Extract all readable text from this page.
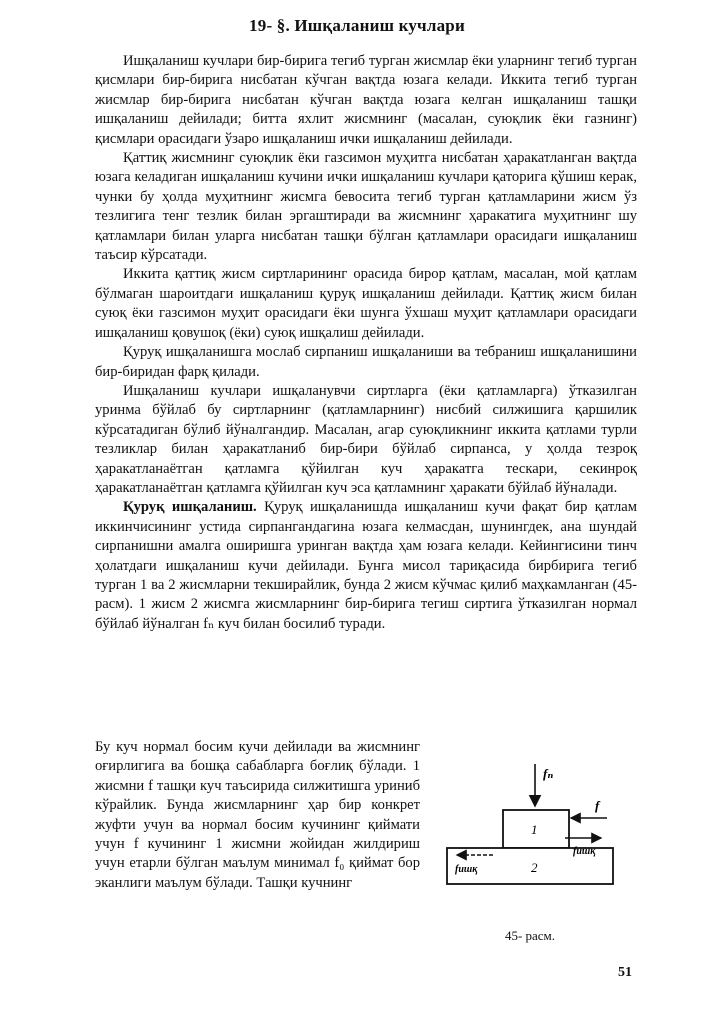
19- §. Ишқаланиш кучлари

Ишқаланиш кучлари бир-бирига тегиб турган жисмлар ёки уларнинг тегиб турган қисмлари бир-бирига нисбатан кўчган вақтда юзага келади. Иккита тегиб турган жисмлар бир-бирига нисбатан кўчган вақтда юзага келган ишқаланиш ташқи ишқаланиш дейилади; битта яхлит жисмнинг (масалан, суюқлик ёки газнинг) қисмлари орасидаги ўзаро ишқаланиш ички ишқаланиш дейилади.

Қаттиқ жисмнинг суюқлик ёки газсимон муҳитга нисбатан ҳаракатланган вақтда юзага келадиган ишқаланиш кучини ички ишқаланиш кучлари қаторига қўшиш керак, чунки бу ҳолда муҳитнинг жисмга бевосита тегиб турган қатламларини жисм ўз тезлигига тенг тезлик билан эргаштиради ва жисмнинг ҳаракатига муҳитнинг шу қатламлари билан уларга нисбатан ташқи бўлган қатламлари орасидаги ишқаланиш таъсир кўрсатади.

Иккита қаттиқ жисм сиртларининг орасида бирор қатлам, масалан, мой қатлам бўлмаган шароитдаги ишқаланиш қуруқ ишқаланиш дейилади. Қаттиқ жисм билан суюқ ёки газсимон муҳит орасидаги ёки шунга ўхшаш муҳит қатламлари орасидаги ишқаланиш қовушоқ (ёки) суюқ ишқалиш дейилади.

Қуруқ ишқаланишга мослаб сирпаниш ишқаланиши ва тебраниш ишқаланишини бир-биридан фарқ қилади.

Ишқаланиш кучлари ишқаланувчи сиртларга (ёки қатламларга) ўтказилган уринма бўйлаб бу сиртларнинг (қатламларнинг) нисбий силжишига қаршилик кўрсатадиган бўлиб йўналгандир. Масалан, агар суюқликнинг иккита қатлами турли тезликлар билан ҳаракатланиб бир-бири бўйлаб сирпанса, у ҳолда тезроқ ҳаракатланаётган қатламга қўйилган куч ҳаракатга тескари, секинроқ ҳаракатланаётган қатламга қўйилган куч эса қатламнинг ҳаракати бўйлаб йўналади.

Қуруқ ишқаланиш. Қуруқ ишқаланишда ишқаланиш кучи фақат бир қатлам иккинчисининг устида сирпангандагина юзага келмасдан, шунингдек, ана шундай сирпанишни амалга оширишга уринган вақтда ҳам юзага келади. Кейингисини тинч ҳолатдаги ишқаланиш кучи дейилади. Бунга мисол тариқасида бирбирига тегиб турган 1 ва 2 жисмларни текширайлик, бунда 2 жисм кўчмас қилиб маҳкамланган (45-расм). 1 жисм 2 жисмга жисмларнинг бир-бирига тегиш сиртига ўтказилган нормал бўйлаб йўналган fₙ куч билан босилиб туради.

Бу куч нормал босим кучи дейилади ва жисмнинг оғирлигига ва бошқа сабабларга боғлиқ бўлади. 1 жисмни f ташқи куч таъсирида силжитишга уриниб кўрайлик. Бунда жисмларнинг ҳар бир конкрет жуфти учун ва нормал босим кучининг қиймати учун f кучининг 1 жисмни жойидан жилдириш учун етарли бўлган маълум минимал f₀ қиймат бор эканлиги маълум бўлади. Ташқи кучнинг
fₙ
1
2
f
fишқ
fишқ
45- расм.
51
